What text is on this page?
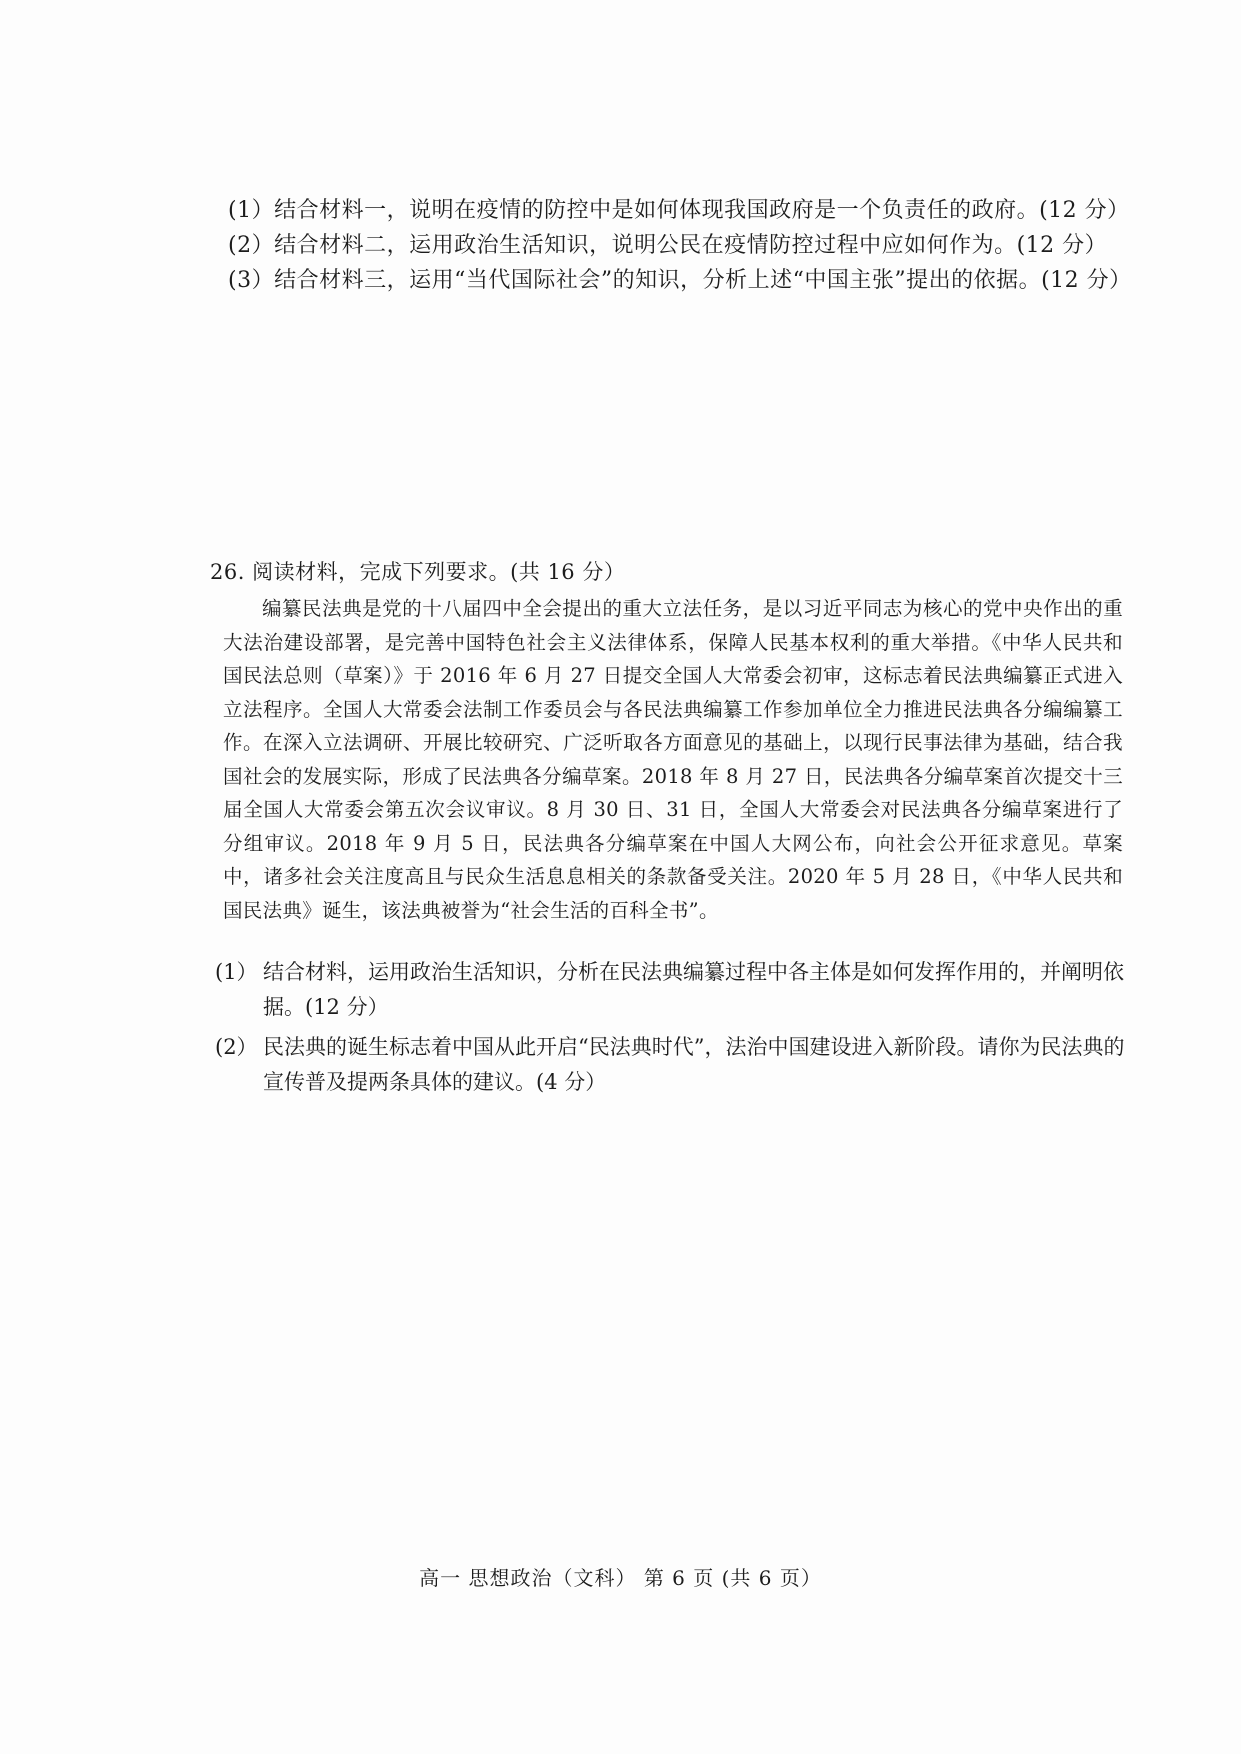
(1）结合材料一，说明在疫情的防控中是如何体现我国政府是一个负责任的政府。(12 分）
(2）结合材料二，运用政治生活知识，说明公民在疫情防控过程中应如何作为。(12 分）
(3）结合材料三，运用“当代国际社会”的知识，分析上述“中国主张”提出的依据。(12 分）
26. 阅读材料，完成下列要求。(共 16 分）
编纂民法典是党的十八届四中全会提出的重大立法任务，是以习近平同志为核心的党中央作出的重大法治建设部署，是完善中国特色社会主义法律体系，保障人民基本权利的重大举措。《中华人民共和国民法总则（草案）》于 2016 年 6 月 27 日提交全国人大常委会初审，这标志着民法典编纂正式进入立法程序。全国人大常委会法制工作委员会与各民法典编纂工作参加单位全力推进民法典各分编编纂工作。在深入立法调研、开展比较研究、广泛听取各方面意见的基础上，以现行民事法律为基础，结合我国社会的发展实际，形成了民法典各分编草案。2018 年 8 月 27 日，民法典各分编草案首次提交十三届全国人大常委会第五次会议审议。8 月 30 日、31 日，全国人大常委会对民法典各分编草案进行了分组审议。2018 年 9 月 5 日，民法典各分编草案在中国人大网公布，向社会公开征求意见。草案中，诸多社会关注度高且与民众生活息息相关的条款备受关注。2020 年 5 月 28 日，《中华人民共和国民法典》诞生，该法典被誉为“社会生活的百科全书”。
(1） 结合材料，运用政治生活知识，分析在民法典编纂过程中各主体是如何发挥作用的，并阐明依据。(12 分）
(2） 民法典的诞生标志着中国从此开启“民法典时代”，法治中国建设进入新阶段。请你为民法典的宣传普及提两条具体的建议。(4 分）
高一 思想政治（文科） 第 6 页 (共 6 页）
